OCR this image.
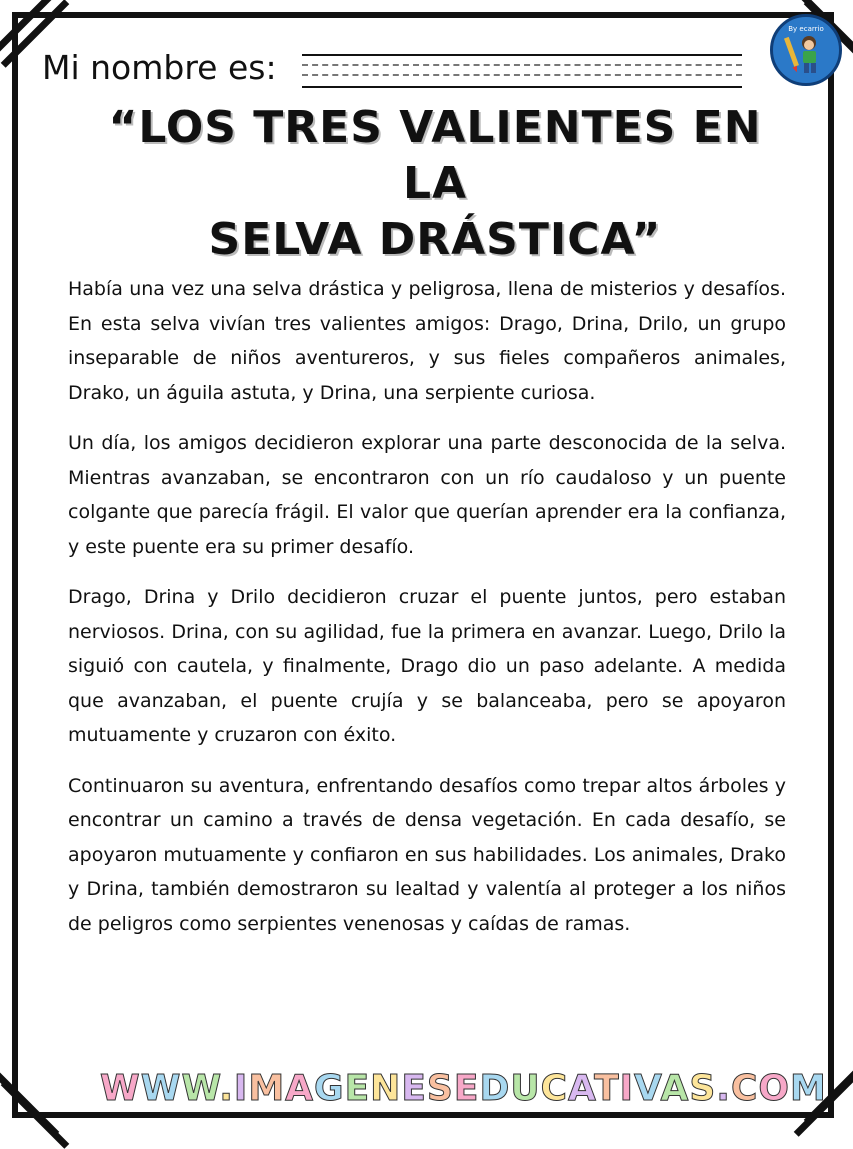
Mi nombre es:
By ecarrio
“LOS TRES VALIENTES EN LA
SELVA DRÁSTICA”

Había una vez una selva drástica y peligrosa, llena de misterios y desafíos. En esta selva vivían tres valientes amigos: Drago, Drina, Drilo, un grupo inseparable de niños aventureros, y sus fieles compañeros animales, Drako, un águila astuta, y Drina, una serpiente curiosa.

Un día, los amigos decidieron explorar una parte desconocida de la selva. Mientras avanzaban, se encontraron con un río caudaloso y un puente colgante que parecía frágil. El valor que querían aprender era la confianza, y este puente era su primer desafío.

Drago, Drina y Drilo decidieron cruzar el puente juntos, pero estaban nerviosos. Drina, con su agilidad, fue la primera en avanzar. Luego, Drilo la siguió con cautela, y finalmente, Drago dio un paso adelante. A medida que avanzaban, el puente crujía y se balanceaba, pero se apoyaron mutuamente y cruzaron con éxito.

Continuaron su aventura, enfrentando desafíos como trepar altos árboles y encontrar un camino a través de densa vegetación. En cada desafío, se apoyaron mutuamente y confiaron en sus habilidades. Los animales, Drako y Drina, también demostraron su lealtad y valentía al proteger a los niños de peligros como serpientes venenosas y caídas de ramas.

WWW.IMAGENESEDUCATIVAS.COM
